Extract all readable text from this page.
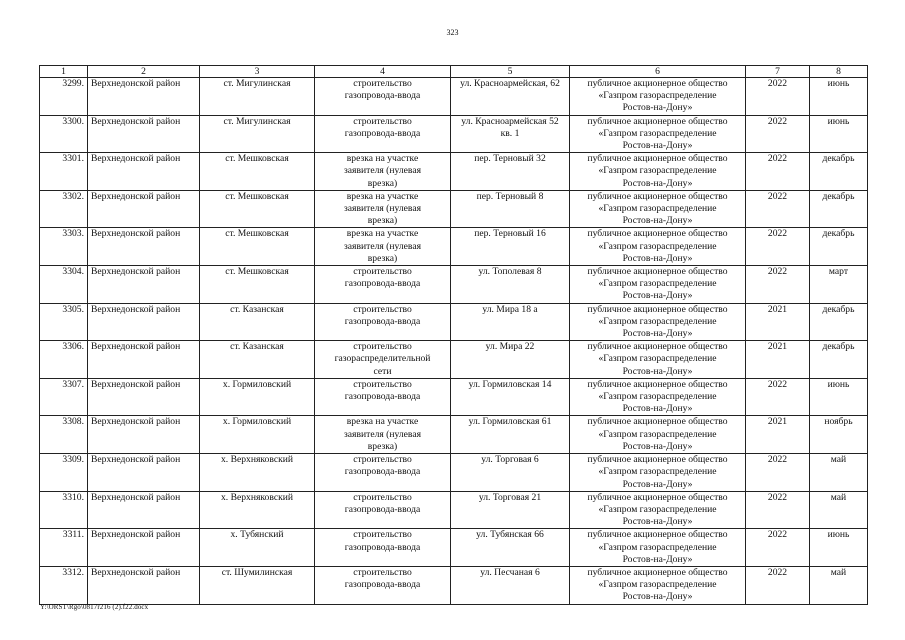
323
1	2	3	4	5	6	7	8
3299.	Верхнедонской район	ст. Мигулинская	строительство
газопровода-ввода	ул. Красноармейская, 62	публичное акционерное общество
«Газпром газораспределение
Ростов-на-Дону»	2022	июнь
3300.	Верхнедонской район	ст. Мигулинская	строительство
газопровода-ввода	ул. Красноармейская 52
кв. 1	публичное акционерное общество
«Газпром газораспределение
Ростов-на-Дону»	2022	июнь
3301.	Верхнедонской район	ст. Мешковская	врезка на участке
заявителя (нулевая
врезка)	пер. Терновый 32	публичное акционерное общество
«Газпром газораспределение
Ростов-на-Дону»	2022	декабрь
3302.	Верхнедонской район	ст. Мешковская	врезка на участке
заявителя (нулевая
врезка)	пер. Терновый 8	публичное акционерное общество
«Газпром газораспределение
Ростов-на-Дону»	2022	декабрь
3303.	Верхнедонской район	ст. Мешковская	врезка на участке
заявителя (нулевая
врезка)	пер. Терновый 16	публичное акционерное общество
«Газпром газораспределение
Ростов-на-Дону»	2022	декабрь
3304.	Верхнедонской район	ст. Мешковская	строительство
газопровода-ввода	ул. Тополевая 8	публичное акционерное общество
«Газпром газораспределение
Ростов-на-Дону»	2022	март
3305.	Верхнедонской район	ст. Казанская	строительство
газопровода-ввода	ул. Мира 18 а	публичное акционерное общество
«Газпром газораспределение
Ростов-на-Дону»	2021	декабрь
3306.	Верхнедонской район	ст. Казанская	строительство
газораспределительной
сети	ул. Мира 22	публичное акционерное общество
«Газпром газораспределение
Ростов-на-Дону»	2021	декабрь
3307.	Верхнедонской район	х. Гормиловский	строительство
газопровода-ввода	ул. Гормиловская 14	публичное акционерное общество
«Газпром газораспределение
Ростов-на-Дону»	2022	июнь
3308.	Верхнедонской район	х. Гормиловский	врезка на участке
заявителя (нулевая
врезка)	ул. Гормиловская 61	публичное акционерное общество
«Газпром газораспределение
Ростов-на-Дону»	2021	ноябрь
3309.	Верхнедонской район	х. Верхняковский	строительство
газопровода-ввода	ул. Торговая 6	публичное акционерное общество
«Газпром газораспределение
Ростов-на-Дону»	2022	май
3310.	Верхнедонской район	х. Верхняковский	строительство
газопровода-ввода	ул. Торговая 21	публичное акционерное общество
«Газпром газораспределение
Ростов-на-Дону»	2022	май
3311.	Верхнедонской район	х. Тубянский	строительство
газопровода-ввода	ул. Тубянская 66	публичное акционерное общество
«Газпром газораспределение
Ростов-на-Дону»	2022	июнь
3312.	Верхнедонской район	ст. Шумилинская	строительство
газопровода-ввода	ул. Песчаная 6	публичное акционерное общество
«Газпром газораспределение
Ростов-на-Дону»	2022	май
Y:\ORST\Rgo\0817r216 (2).f22.docx
